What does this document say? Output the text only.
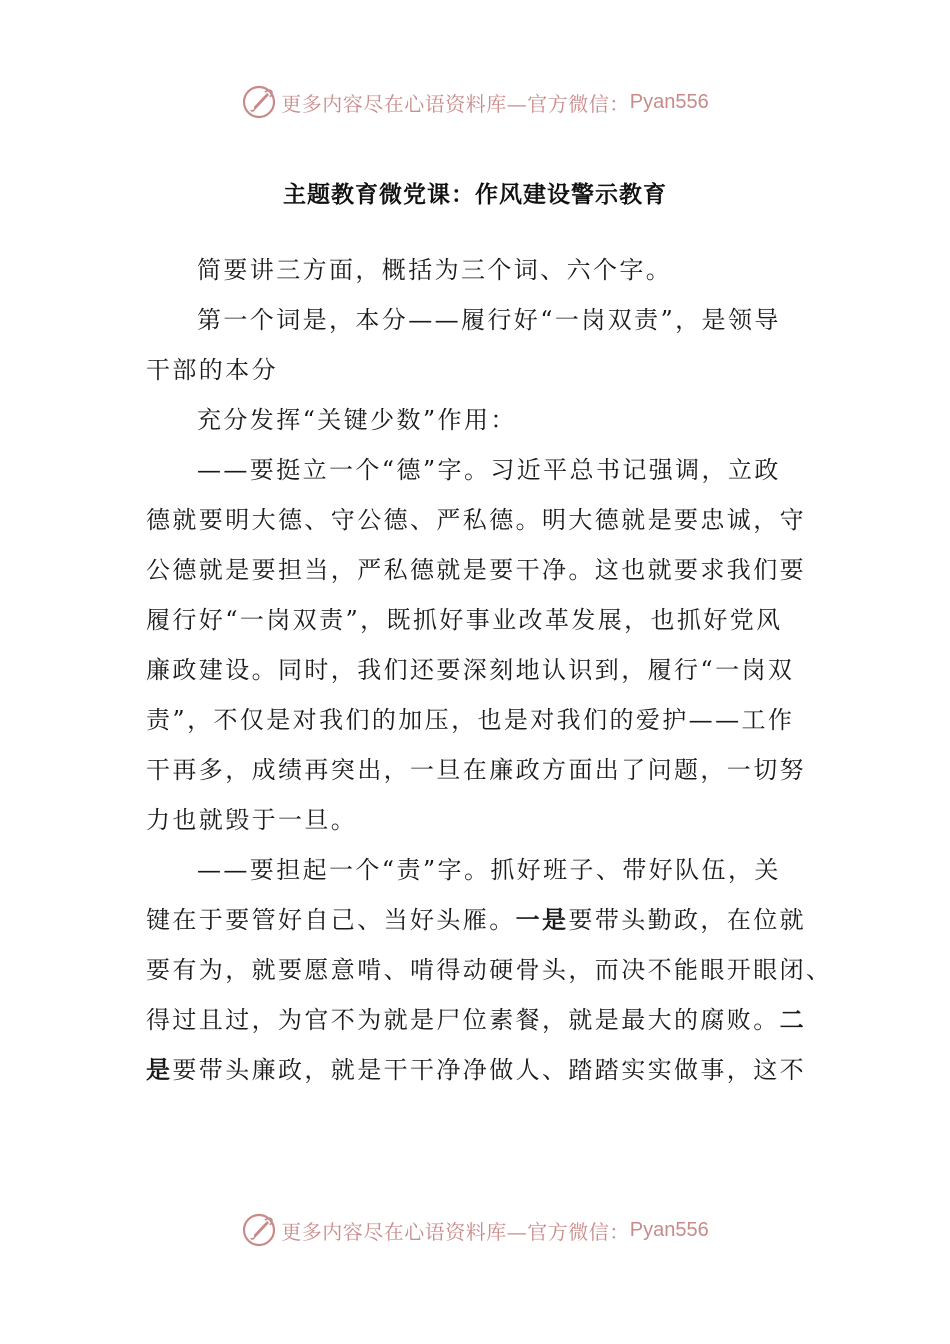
更多内容尽在心语资料库—官方微信： Pyan556
主题教育微党课：作风建设警示教育
简要讲三方面，概括为三个词、六个字。
第一个词是，本分——履行好“一岗双责”，是领导
干部的本分
充分发挥“关键少数”作用：
——要挺立一个“德”字。习近平总书记强调，立政
德就要明大德、守公德、严私德。明大德就是要忠诚，守
公德就是要担当，严私德就是要干净。这也就要求我们要
履行好“一岗双责”，既抓好事业改革发展，也抓好党风
廉政建设。同时，我们还要深刻地认识到，履行“一岗双
责”，不仅是对我们的加压，也是对我们的爱护——工作
干再多，成绩再突出，一旦在廉政方面出了问题，一切努
力也就毁于一旦。
——要担起一个“责”字。抓好班子、带好队伍，关
键在于要管好自己、当好头雁。一是要带头勤政，在位就
要有为，就要愿意啃、啃得动硬骨头，而决不能眼开眼闭、
得过且过，为官不为就是尸位素餐，就是最大的腐败。二
是要带头廉政，就是干干净净做人、踏踏实实做事，这不
更多内容尽在心语资料库—官方微信： Pyan556
